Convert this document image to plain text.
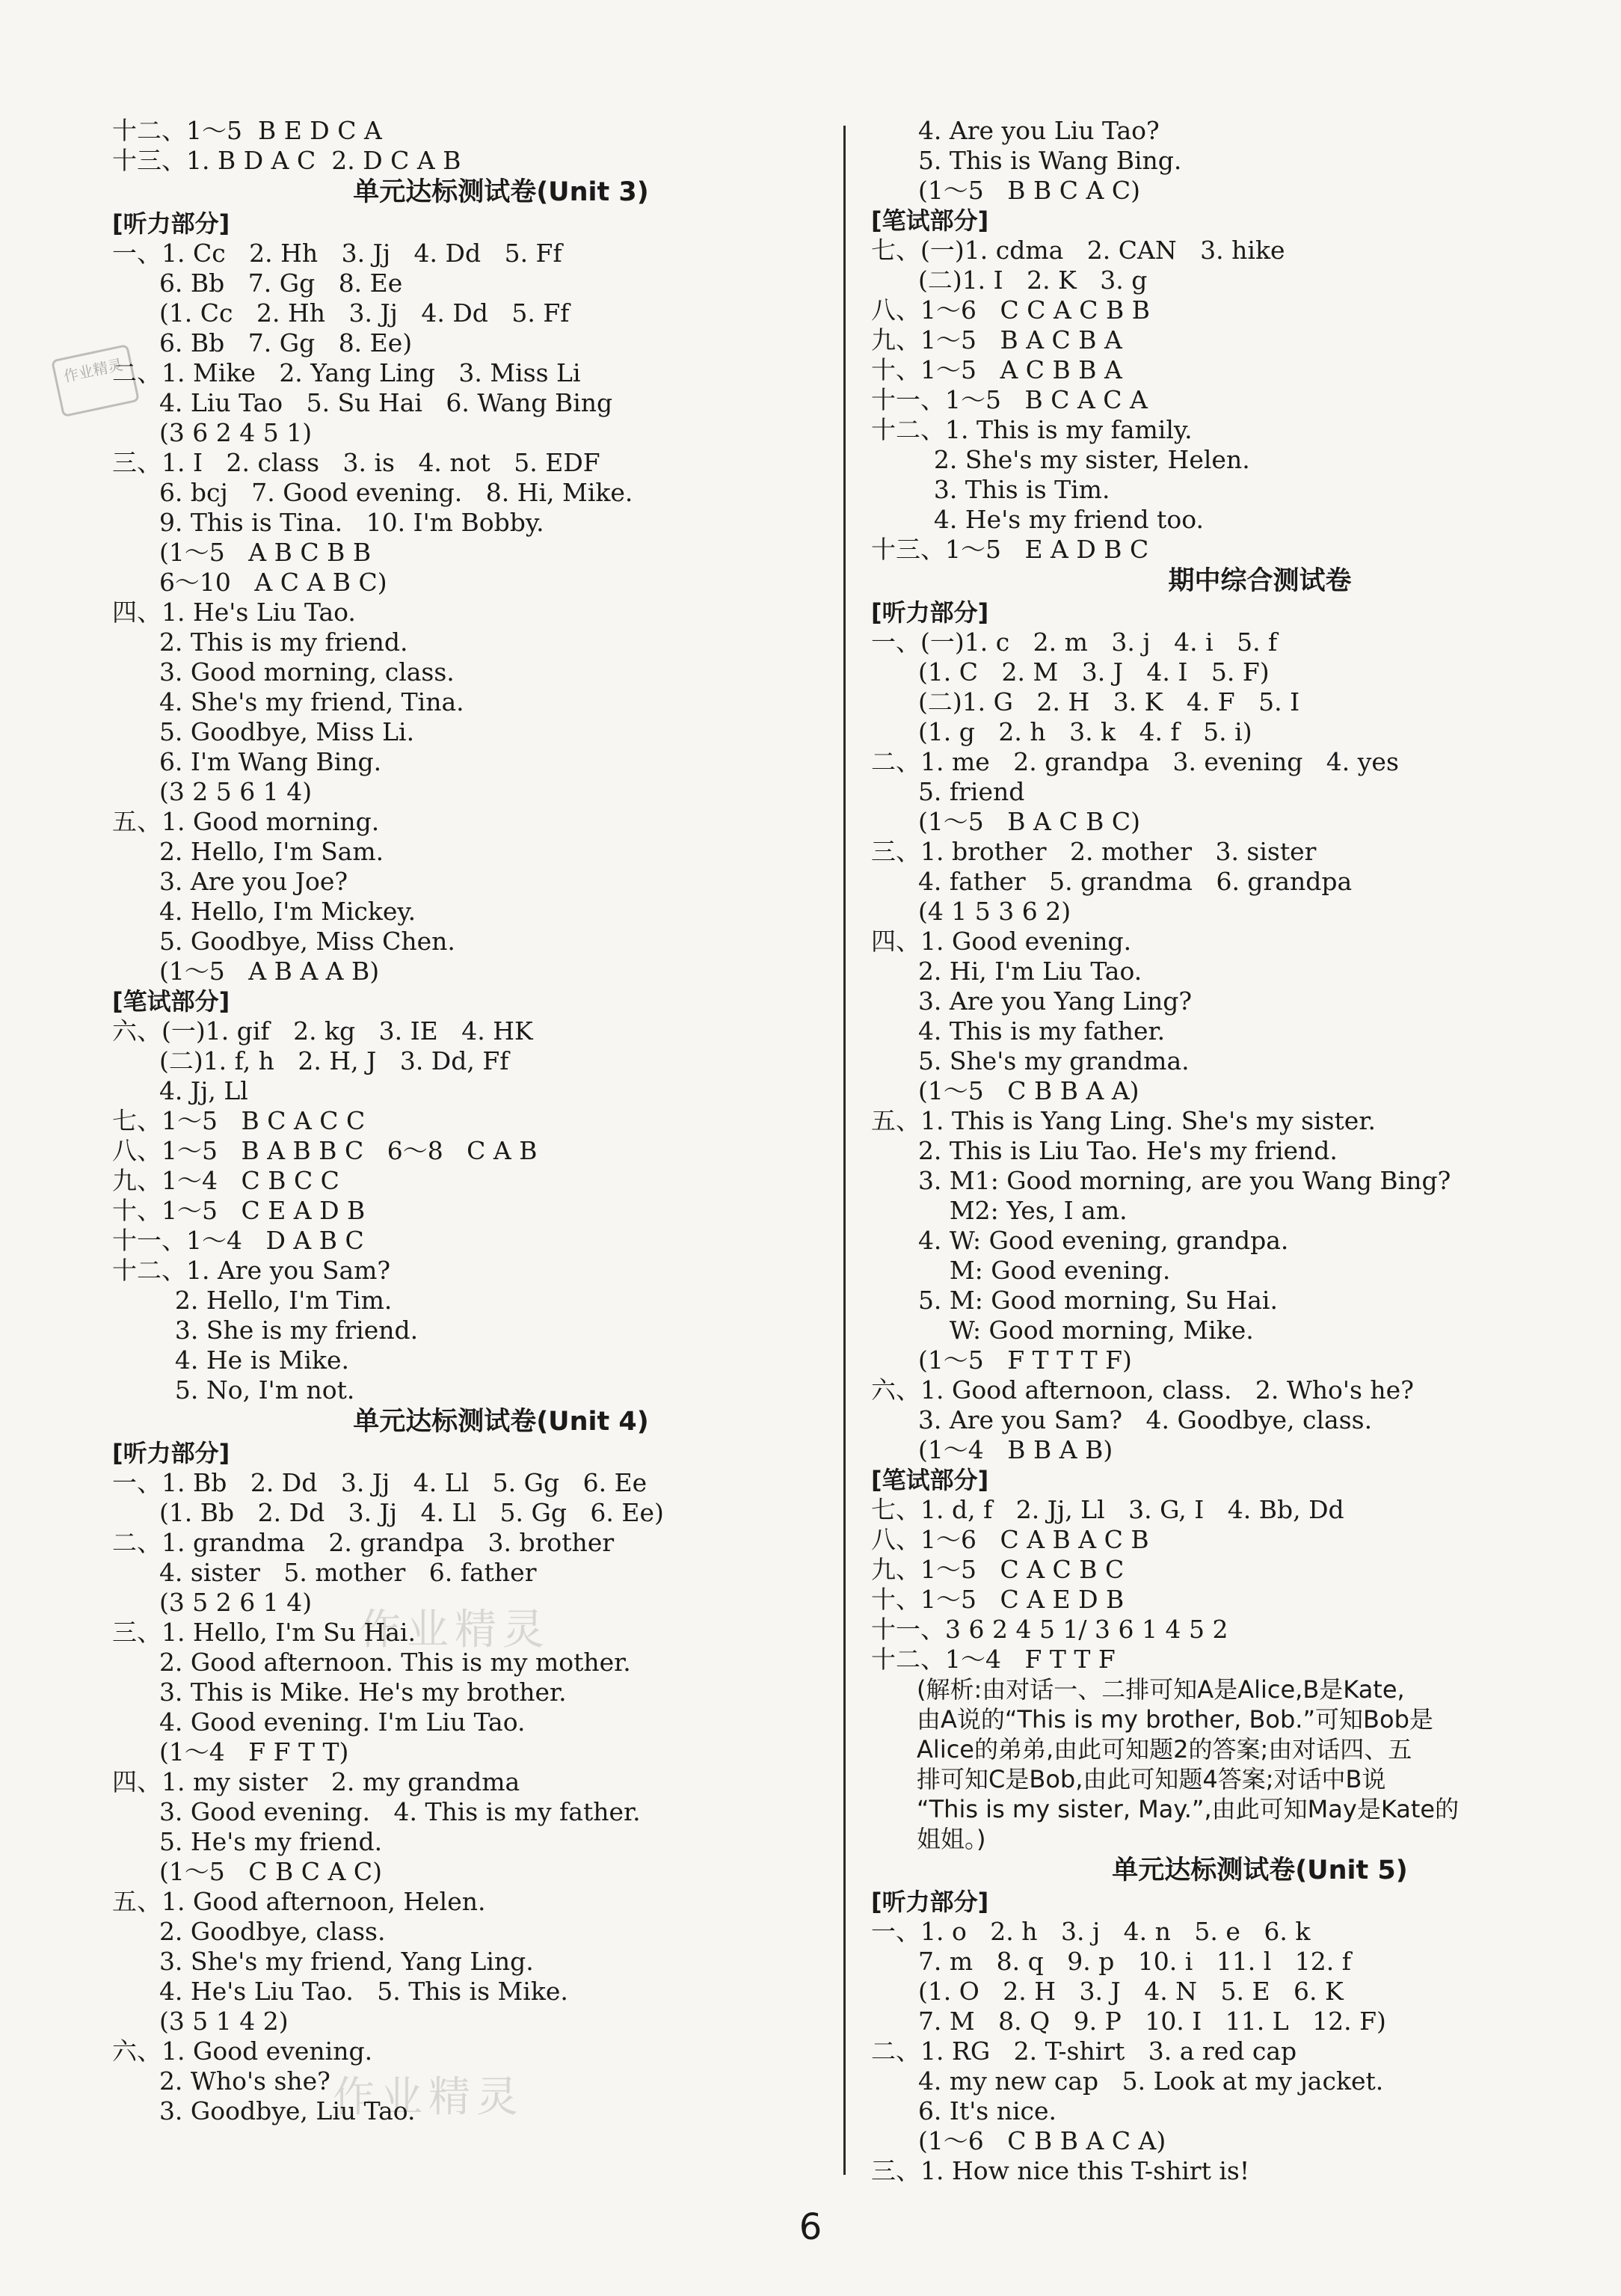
作业精灵
作业精灵
作业精灵
十二、1～5  B E D C A
十三、1. B D A C  2. D C A B
单元达标测试卷(Unit 3)
[听力部分]
一、1. Cc   2. Hh   3. Jj   4. Dd   5. Ff
6. Bb   7. Gg   8. Ee
(1. Cc   2. Hh   3. Jj   4. Dd   5. Ff
6. Bb   7. Gg   8. Ee)
二、1. Mike   2. Yang Ling   3. Miss Li
4. Liu Tao   5. Su Hai   6. Wang Bing
(3 6 2 4 5 1)
三、1. I   2. class   3. is   4. not   5. EDF
6. bcj   7. Good evening.   8. Hi, Mike.
9. This is Tina.   10. I'm Bobby.
(1～5   A B C B B
6～10   A C A B C)
四、1. He's Liu Tao.
2. This is my friend.
3. Good morning, class.
4. She's my friend, Tina.
5. Goodbye, Miss Li.
6. I'm Wang Bing.
(3 2 5 6 1 4)
五、1. Good morning.
2. Hello, I'm Sam.
3. Are you Joe?
4. Hello, I'm Mickey.
5. Goodbye, Miss Chen.
(1～5   A B A A B)
[笔试部分]
六、(一)1. gif   2. kg   3. IE   4. HK
(二)1. f, h   2. H, J   3. Dd, Ff
4. Jj, Ll
七、1～5   B C A C C
八、1～5   B A B B C   6～8   C A B
九、1～4   C B C C
十、1～5   C E A D B
十一、1～4   D A B C
十二、1. Are you Sam?
2. Hello, I'm Tim.
3. She is my friend.
4. He is Mike.
5. No, I'm not.
单元达标测试卷(Unit 4)
[听力部分]
一、1. Bb   2. Dd   3. Jj   4. Ll   5. Gg   6. Ee
(1. Bb   2. Dd   3. Jj   4. Ll   5. Gg   6. Ee)
二、1. grandma   2. grandpa   3. brother
4. sister   5. mother   6. father
(3 5 2 6 1 4)
三、1. Hello, I'm Su Hai.
2. Good afternoon. This is my mother.
3. This is Mike. He's my brother.
4. Good evening. I'm Liu Tao.
(1～4   F F T T)
四、1. my sister   2. my grandma
3. Good evening.   4. This is my father.
5. He's my friend.
(1～5   C B C A C)
五、1. Good afternoon, Helen.
2. Goodbye, class.
3. She's my friend, Yang Ling.
4. He's Liu Tao.   5. This is Mike.
(3 5 1 4 2)
六、1. Good evening.
2. Who's she?
3. Goodbye, Liu Tao.
4. Are you Liu Tao?
5. This is Wang Bing.
(1～5   B B C A C)
[笔试部分]
七、(一)1. cdma   2. CAN   3. hike
(二)1. I   2. K   3. g
八、1～6   C C A C B B
九、1～5   B A C B A
十、1～5   A C B B A
十一、1～5   B C A C A
十二、1. This is my family.
2. She's my sister, Helen.
3. This is Tim.
4. He's my friend too.
十三、1～5   E A D B C
期中综合测试卷
[听力部分]
一、(一)1. c   2. m   3. j   4. i   5. f
(1. C   2. M   3. J   4. I   5. F)
(二)1. G   2. H   3. K   4. F   5. I
(1. g   2. h   3. k   4. f   5. i)
二、1. me   2. grandpa   3. evening   4. yes
5. friend
(1～5   B A C B C)
三、1. brother   2. mother   3. sister
4. father   5. grandma   6. grandpa
(4 1 5 3 6 2)
四、1. Good evening.
2. Hi, I'm Liu Tao.
3. Are you Yang Ling?
4. This is my father.
5. She's my grandma.
(1～5   C B B A A)
五、1. This is Yang Ling. She's my sister.
2. This is Liu Tao. He's my friend.
3. M1: Good morning, are you Wang Bing?
M2: Yes, I am.
4. W: Good evening, grandpa.
M: Good evening.
5. M: Good morning, Su Hai.
W: Good morning, Mike.
(1～5   F T T T F)
六、1. Good afternoon, class.   2. Who's he?
3. Are you Sam?   4. Goodbye, class.
(1～4   B B A B)
[笔试部分]
七、1. d, f   2. Jj, Ll   3. G, I   4. Bb, Dd
八、1～6   C A B A C B
九、1～5   C A C B C
十、1～5   C A E D B
十一、3 6 2 4 5 1/ 3 6 1 4 5 2
十二、1～4   F T T F
(解析:由对话一、二排可知A是Alice,B是Kate,
由A说的“This is my brother, Bob.”可知Bob是
Alice的弟弟,由此可知题2的答案;由对话四、五
排可知C是Bob,由此可知题4答案;对话中B说
“This is my sister, May.”,由此可知May是Kate的
姐姐。)
单元达标测试卷(Unit 5)
[听力部分]
一、1. o   2. h   3. j   4. n   5. e   6. k
7. m   8. q   9. p   10. i   11. l   12. f
(1. O   2. H   3. J   4. N   5. E   6. K
7. M   8. Q   9. P   10. I   11. L   12. F)
二、1. RG   2. T-shirt   3. a red cap
4. my new cap   5. Look at my jacket.
6. It's nice.
(1～6   C B B A C A)
三、1. How nice this T-shirt is!
6
